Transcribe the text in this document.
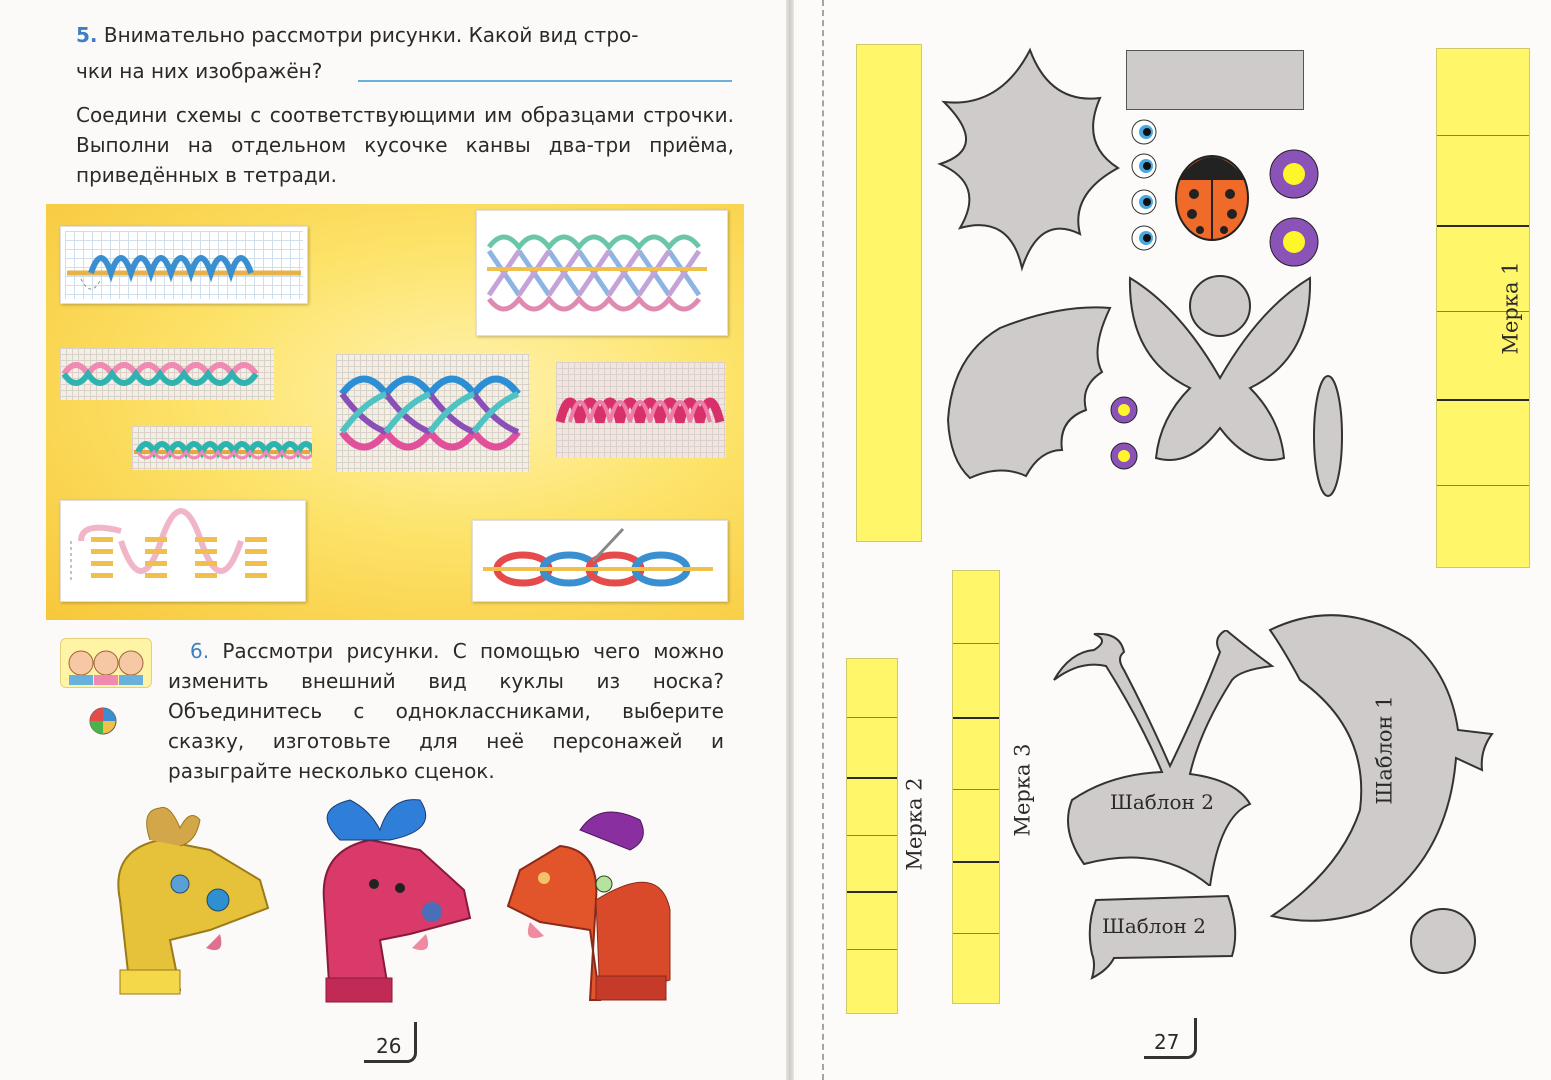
5. Внимательно рассмотри рисунки. Какой вид стро-
чки на них изображён?
Соедини схемы с соответствующими им образцами строчки. Выполни на отдельном кусочке канвы два-три приёма, приведённых в тетради.
6. Рассмотри рисунки. С помощью чего можно изменить внешний вид куклы из носка? Объединитесь с одноклассниками, выберите сказку, изготовьте для неё персонажей и разыграйте несколько сценок.
26
Мерка 1
Мерка 2	Мерка 3	Шаблон 2	Шаблон 1
Шаблон 2
27
